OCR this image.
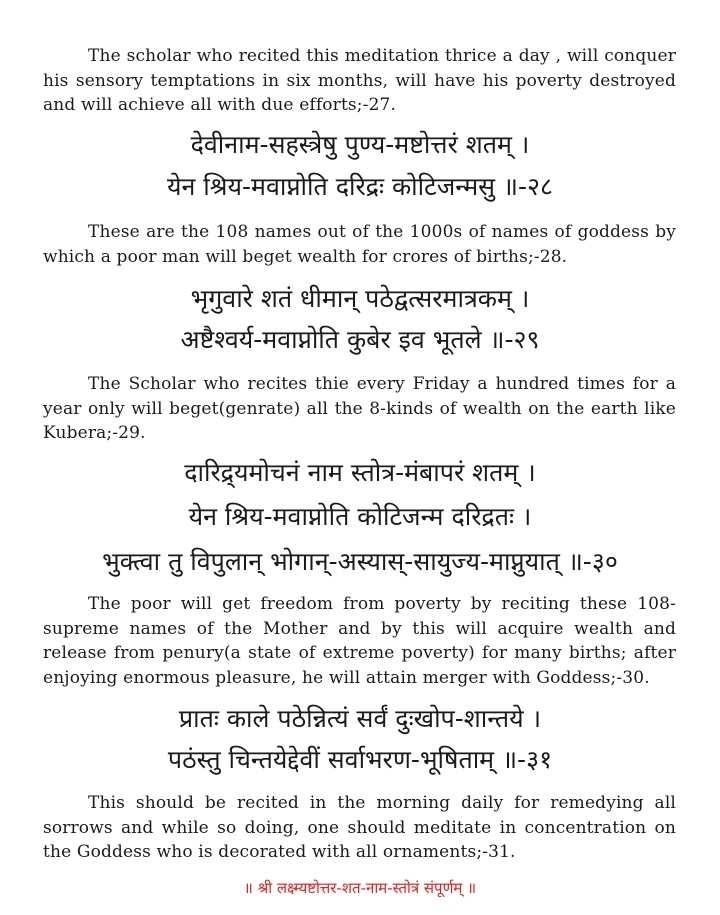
The scholar who recited this meditation thrice a day , will conquer his sensory temptations in six months, will have his poverty destroyed and will achieve all with due efforts;-27.

देवीनाम-सहस्त्रेषु पुण्य-मष्टोत्तरं शतम् ।

येन श्रिय-मवाप्नोति दरिद्रः कोटिजन्मसु ॥-२८

These are the 108 names out of the 1000s of names of goddess by which a poor man will beget wealth for crores of births;-28.

भृगुवारे शतं धीमान् पठेद्वत्सरमात्रकम् ।

अष्टैश्वर्य-मवाप्नोति कुबेर इव भूतले ॥-२९

The Scholar who recites thie every Friday a hundred times for a year only will beget(genrate) all the 8-kinds of wealth on the earth like Kubera;-29.

दारिद्र्यमोचनं नाम स्तोत्र-मंबापरं शतम् ।

येन श्रिय-मवाप्नोति कोटिजन्म दरिद्रतः ।

भुक्त्वा तु विपुलान् भोगान्-अस्यास्-सायुज्य-माप्नुयात् ॥-३०

The poor will get freedom from poverty by reciting these 108-supreme names of the Mother and by this will acquire wealth and release from penury(a state of extreme poverty) for many births; after enjoying enormous pleasure, he will attain merger with Goddess;-30.

प्रातः काले पठेन्नित्यं सर्वं दुःखोप-शान्तये ।

पठंस्तु चिन्तयेद्देवीं सर्वाभरण-भूषिताम् ॥-३१

This should be recited in the morning daily for remedying all sorrows and while so doing, one should meditate in concentration on the Goddess who is decorated with all ornaments;-31.

॥ श्री लक्ष्म्यष्टोत्तर-शत-नाम-स्तोत्रं संपूर्णम् ॥
